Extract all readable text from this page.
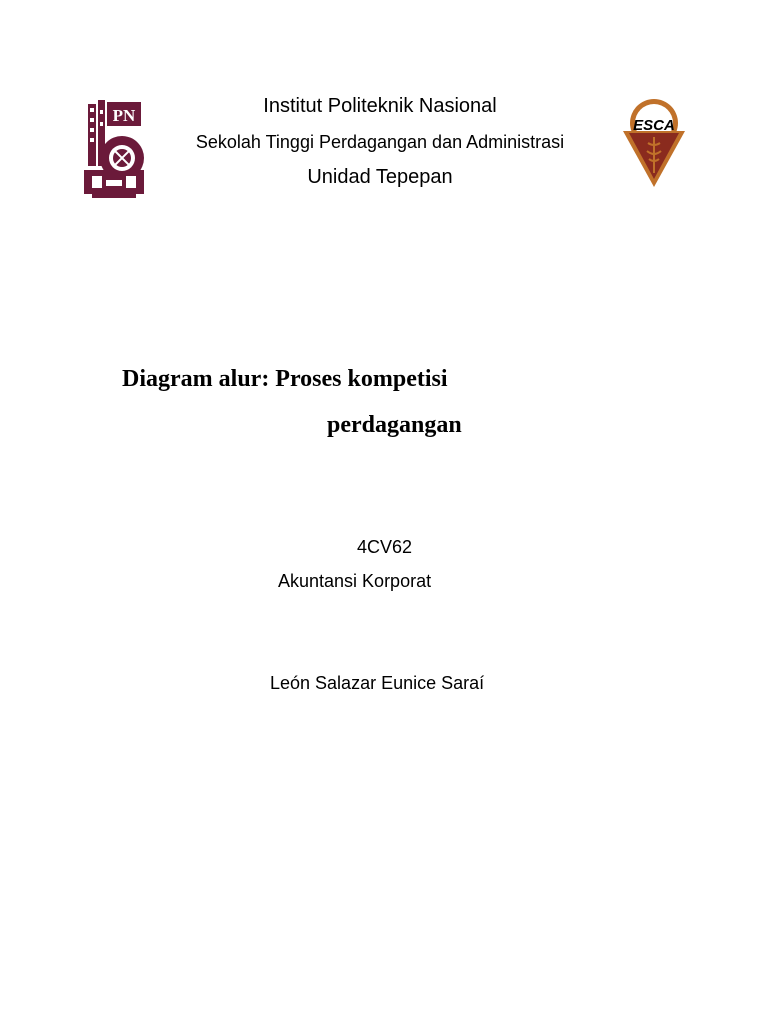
PN	Institut Politeknik Nasional
Sekolah Tinggi Perdagangan dan Administrasi
Unidad Tepepan
ESCA
Diagram alur: Proses kompetisi
perdagangan
4CV62
Akuntansi Korporat
León Salazar Eunice Saraí
